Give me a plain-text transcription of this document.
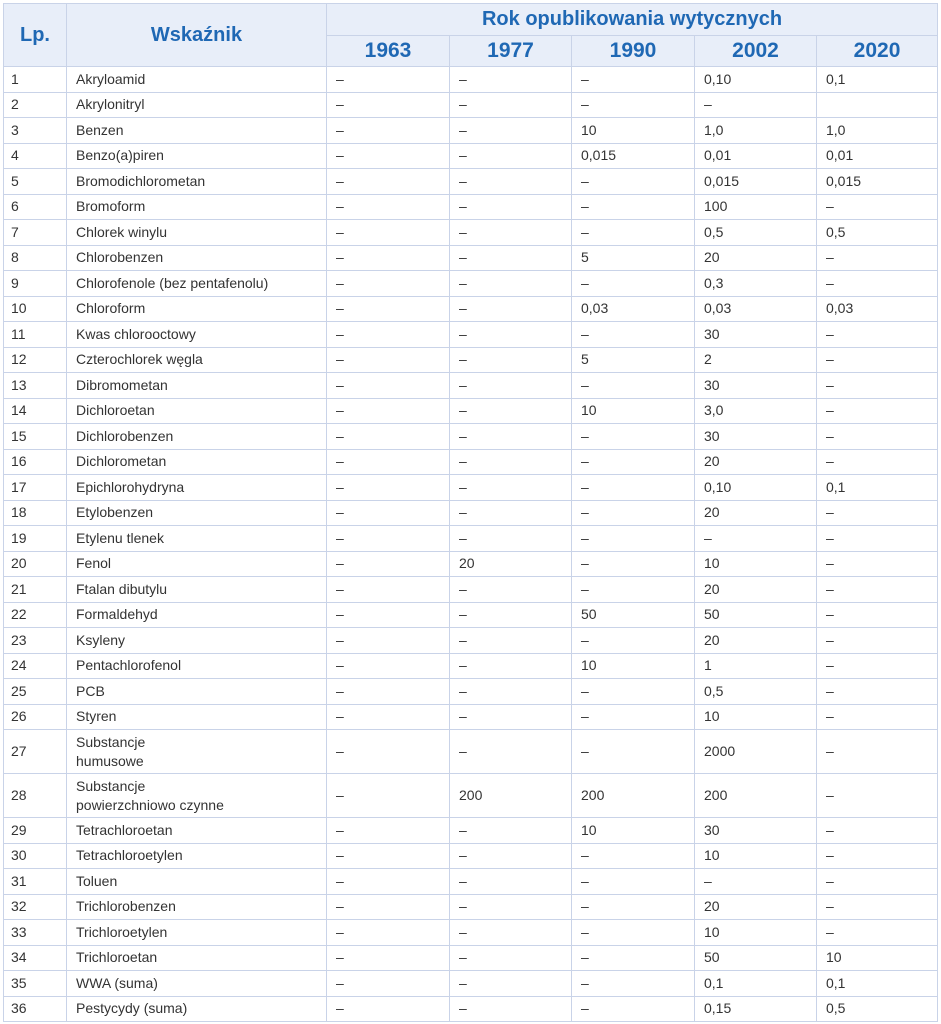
Lp.	Wskaźnik	Rok opublikowania wytycznych				
		1963	1977	1990	2002	2020
1	Akryloamid	–	–	–	0,10	0,1
2	Akrylonitryl	–	–	–	–	
3	Benzen	–	–	10	1,0	1,0
4	Benzo(a)piren	–	–	0,015	0,01	0,01
5	Bromodichlorometan	–	–	–	0,015	0,015
6	Bromoform	–	–	–	100	–
7	Chlorek winylu	–	–	–	0,5	0,5
8	Chlorobenzen	–	–	5	20	–
9	Chlorofenole (bez pentafenolu)	–	–	–	0,3	–
10	Chloroform	–	–	0,03	0,03	0,03
11	Kwas chlorooctowy	–	–	–	30	–
12	Czterochlorek węgla	–	–	5	2	–
13	Dibromometan	–	–	–	30	–
14	Dichloroetan	–	–	10	3,0	–
15	Dichlorobenzen	–	–	–	30	–
16	Dichlorometan	–	–	–	20	–
17	Epichlorohydryna	–	–	–	0,10	0,1
18	Etylobenzen	–	–	–	20	–
19	Etylenu tlenek	–	–	–	–	–
20	Fenol	–	20	–	10	–
21	Ftalan dibutylu	–	–	–	20	–
22	Formaldehyd	–	–	50	50	–
23	Ksyleny	–	–	–	20	–
24	Pentachlorofenol	–	–	10	1	–
25	PCB	–	–	–	0,5	–
26	Styren	–	–	–	10	–
27	Substancje
humusowe	–	–	–	2000	–
28	Substancje
powierzchniowo czynne	–	200	200	200	–
29	Tetrachloroetan	–	–	10	30	–
30	Tetrachloroetylen	–	–	–	10	–
31	Toluen	–	–	–	–	–
32	Trichlorobenzen	–	–	–	20	–
33	Trichloroetylen	–	–	–	10	–
34	Trichloroetan	–	–	–	50	10
35	WWA (suma)	–	–	–	0,1	0,1
36	Pestycydy (suma)	–	–	–	0,15	0,5
